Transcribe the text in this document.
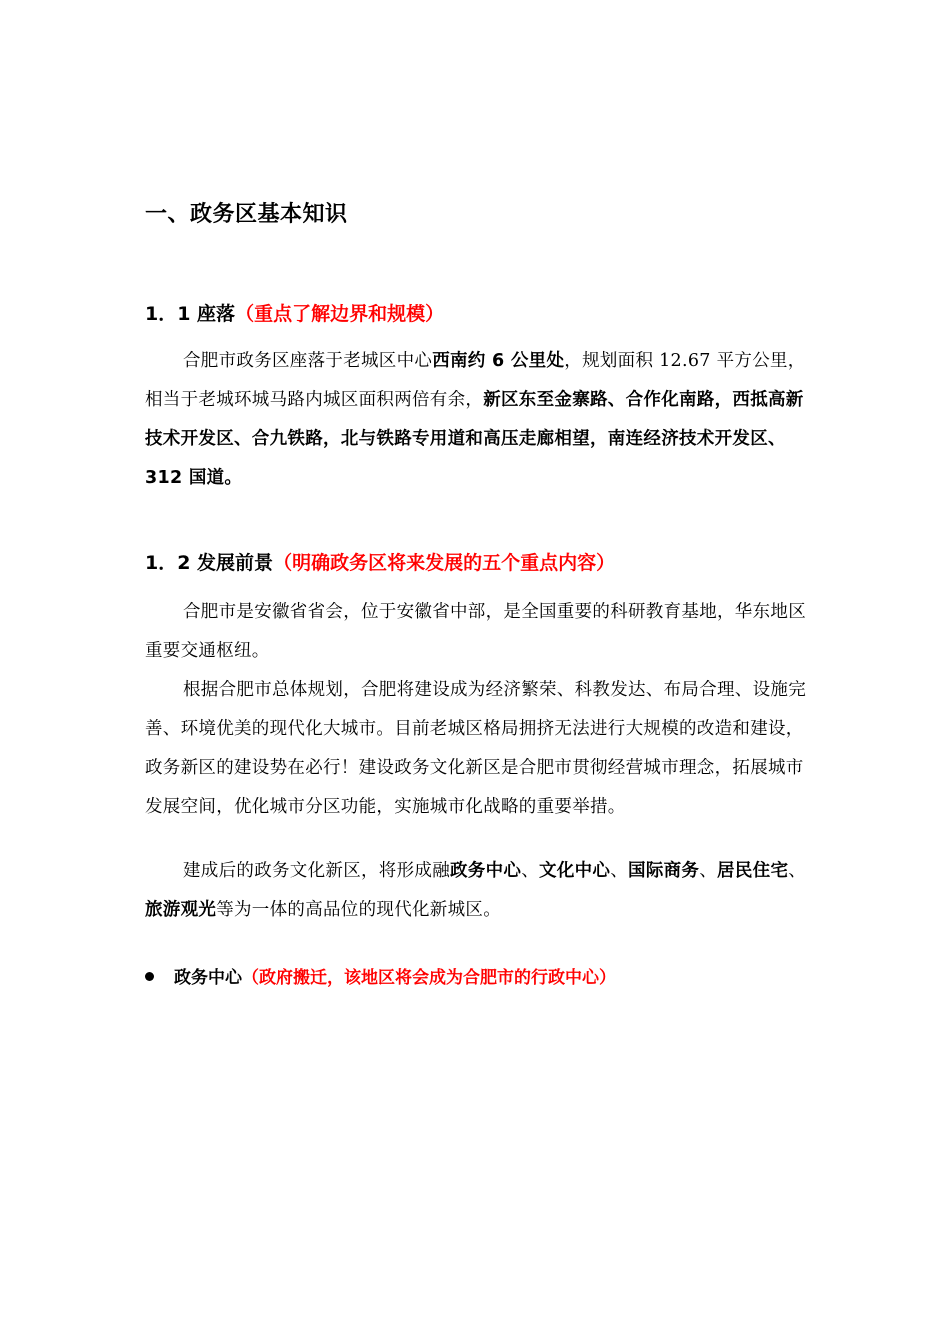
一、政务区基本知识
1．1 座落（重点了解边界和规模）
合肥市政务区座落于老城区中心西南约 6 公里处，规划面积 12.67 平方公里，相当于老城环城马路内城区面积两倍有余，新区东至金寨路、合作化南路，西抵高新技术开发区、合九铁路，北与铁路专用道和高压走廊相望，南连经济技术开发区、312 国道。
1．2 发展前景（明确政务区将来发展的五个重点内容）
合肥市是安徽省省会，位于安徽省中部，是全国重要的科研教育基地，华东地区重要交通枢纽。
根据合肥市总体规划，合肥将建设成为经济繁荣、科教发达、布局合理、设施完善、环境优美的现代化大城市。目前老城区格局拥挤无法进行大规模的改造和建设，政务新区的建设势在必行！建设政务文化新区是合肥市贯彻经营城市理念，拓展城市发展空间，优化城市分区功能，实施城市化战略的重要举措。
建成后的政务文化新区，将形成融政务中心、文化中心、国际商务、居民住宅、旅游观光等为一体的高品位的现代化新城区。
政务中心（政府搬迁，该地区将会成为合肥市的行政中心）
